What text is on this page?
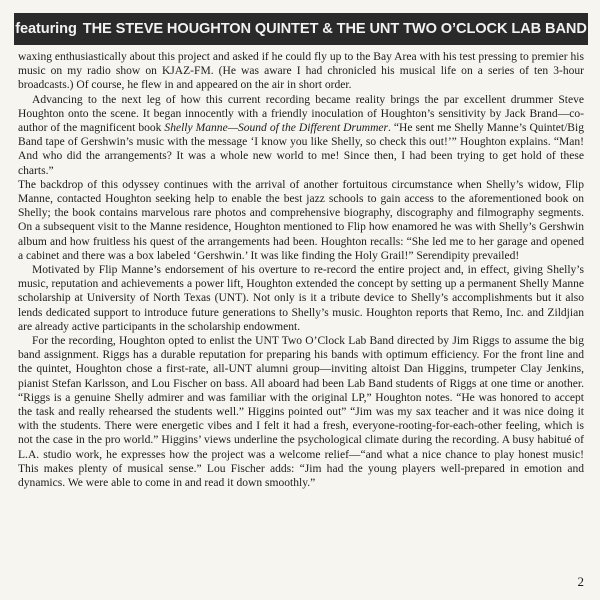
featuring THE STEVE HOUGHTON QUINTET & THE UNT TWO O’CLOCK LAB BAND

waxing enthusiastically about this project and asked if he could fly up to the Bay Area with his test pressing to premier his music on my radio show on KJAZ-FM. (He was aware I had chronicled his musical life on a series of ten 3-hour broadcasts.) Of course, he flew in and appeared on the air in short order.

Advancing to the next leg of how this current recording became reality brings the par excellent drummer Steve Houghton onto the scene. It began innocently with a friendly inoculation of Houghton’s sensitivity by Jack Brand—co-author of the magnificent book Shelly Manne—Sound of the Different Drummer. “He sent me Shelly Manne’s Quintet/Big Band tape of Gershwin’s music with the message ‘I know you like Shelly, so check this out!’” Houghton explains. “Man! And who did the arrangements? It was a whole new world to me! Since then, I had been trying to get hold of these charts.”

The backdrop of this odyssey continues with the arrival of another fortuitous circumstance when Shelly’s widow, Flip Manne, contacted Houghton seeking help to enable the best jazz schools to gain access to the aforementioned book on Shelly; the book contains marvelous rare photos and comprehensive biography, discography and filmography segments. On a subsequent visit to the Manne residence, Houghton mentioned to Flip how enamored he was with Shelly’s Gershwin album and how fruitless his quest of the arrangements had been. Houghton recalls: “She led me to her garage and opened a cabinet and there was a box labeled ‘Gershwin.’ It was like finding the Holy Grail!” Serendipity prevailed!

Motivated by Flip Manne’s endorsement of his overture to re-record the entire project and, in effect, giving Shelly’s music, reputation and achievements a power lift, Houghton extended the concept by setting up a permanent Shelly Manne scholarship at University of North Texas (UNT). Not only is it a tribute device to Shelly’s accomplishments but it also lends dedicated support to introduce future generations to Shelly’s music. Houghton reports that Remo, Inc. and Zildjian are already active participants in the scholarship endowment.

For the recording, Houghton opted to enlist the UNT Two O’Clock Lab Band directed by Jim Riggs to assume the big band assignment. Riggs has a durable reputation for preparing his bands with optimum efficiency. For the front line and the quintet, Houghton chose a first-rate, all-UNT alumni group—inviting altoist Dan Higgins, trumpeter Clay Jenkins, pianist Stefan Karlsson, and Lou Fischer on bass. All aboard had been Lab Band students of Riggs at one time or another. “Riggs is a genuine Shelly admirer and was familiar with the original LP,” Houghton notes. “He was honored to accept the task and really rehearsed the students well.” Higgins pointed out” “Jim was my sax teacher and it was nice doing it with the students. There were energetic vibes and I felt it had a fresh, everyone-rooting-for-each-other feeling, which is not the case in the pro world.” Higgins’ views underline the psychological climate during the recording. A busy habitué of L.A. studio work, he expresses how the project was a welcome relief—“and what a nice chance to play honest music! This makes plenty of musical sense.” Lou Fischer adds: “Jim had the young players well-prepared in emotion and dynamics. We were able to come in and read it down smoothly.”

2
